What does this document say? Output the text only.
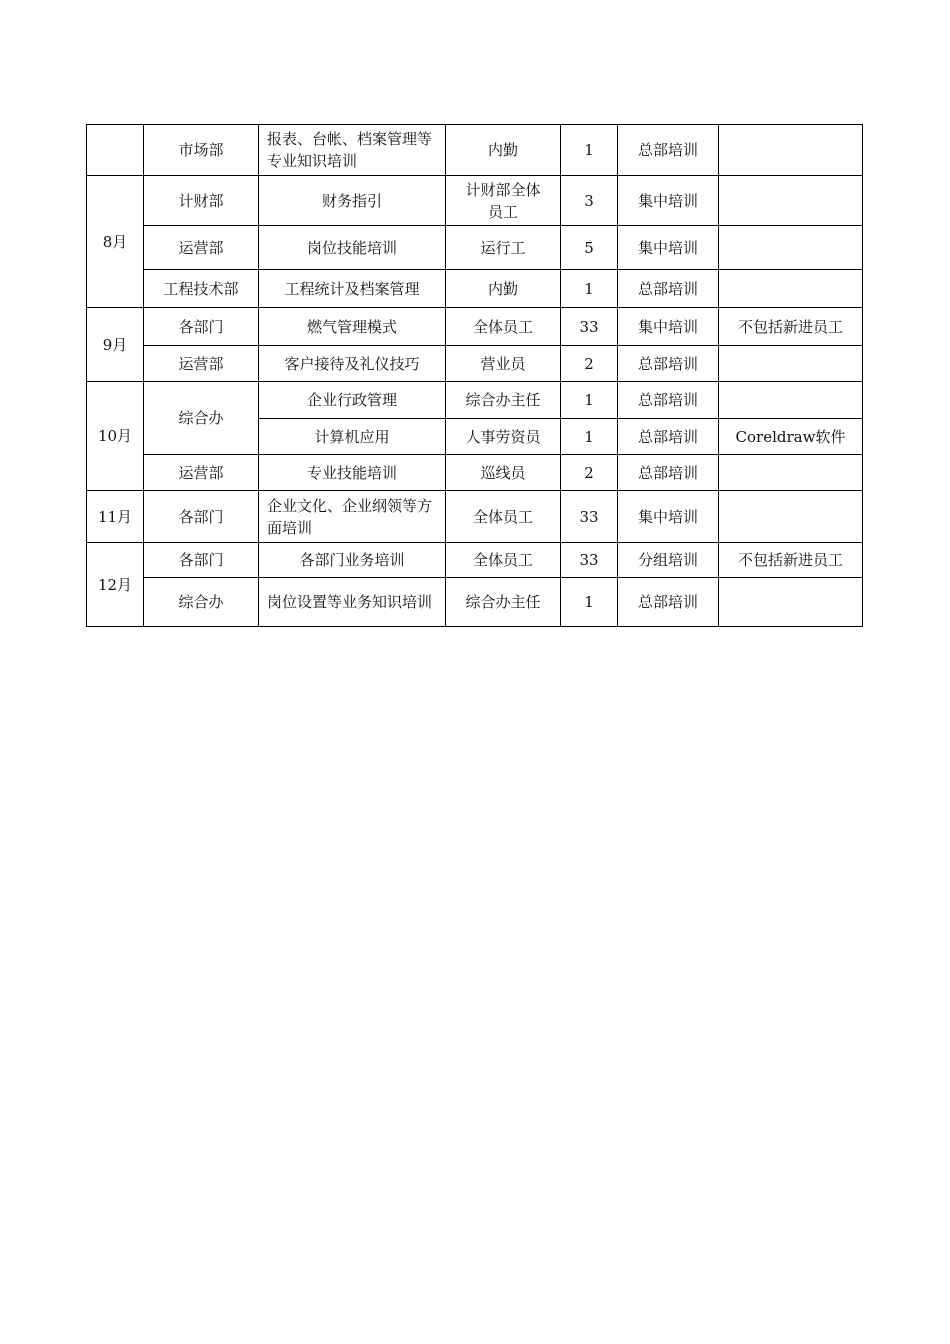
	市场部	报表、台帐、档案管理等专业知识培训	内勤	1	总部培训	
8月	计财部	财务指引	计财部全体员工	3	集中培训	
	运营部	岗位技能培训	运行工	5	集中培训	
	工程技术部	工程统计及档案管理	内勤	1	总部培训	
9月	各部门	燃气管理模式	全体员工	33	集中培训	不包括新进员工
	运营部	客户接待及礼仪技巧	营业员	2	总部培训	
10月	综合办	企业行政管理	综合办主任	1	总部培训	
		计算机应用	人事劳资员	1	总部培训	Coreldraw软件
	运营部	专业技能培训	巡线员	2	总部培训	
11月	各部门	企业文化、企业纲领等方面培训	全体员工	33	集中培训	
12月	各部门	各部门业务培训	全体员工	33	分组培训	不包括新进员工
	综合办	岗位设置等业务知识培训	综合办主任	1	总部培训	
